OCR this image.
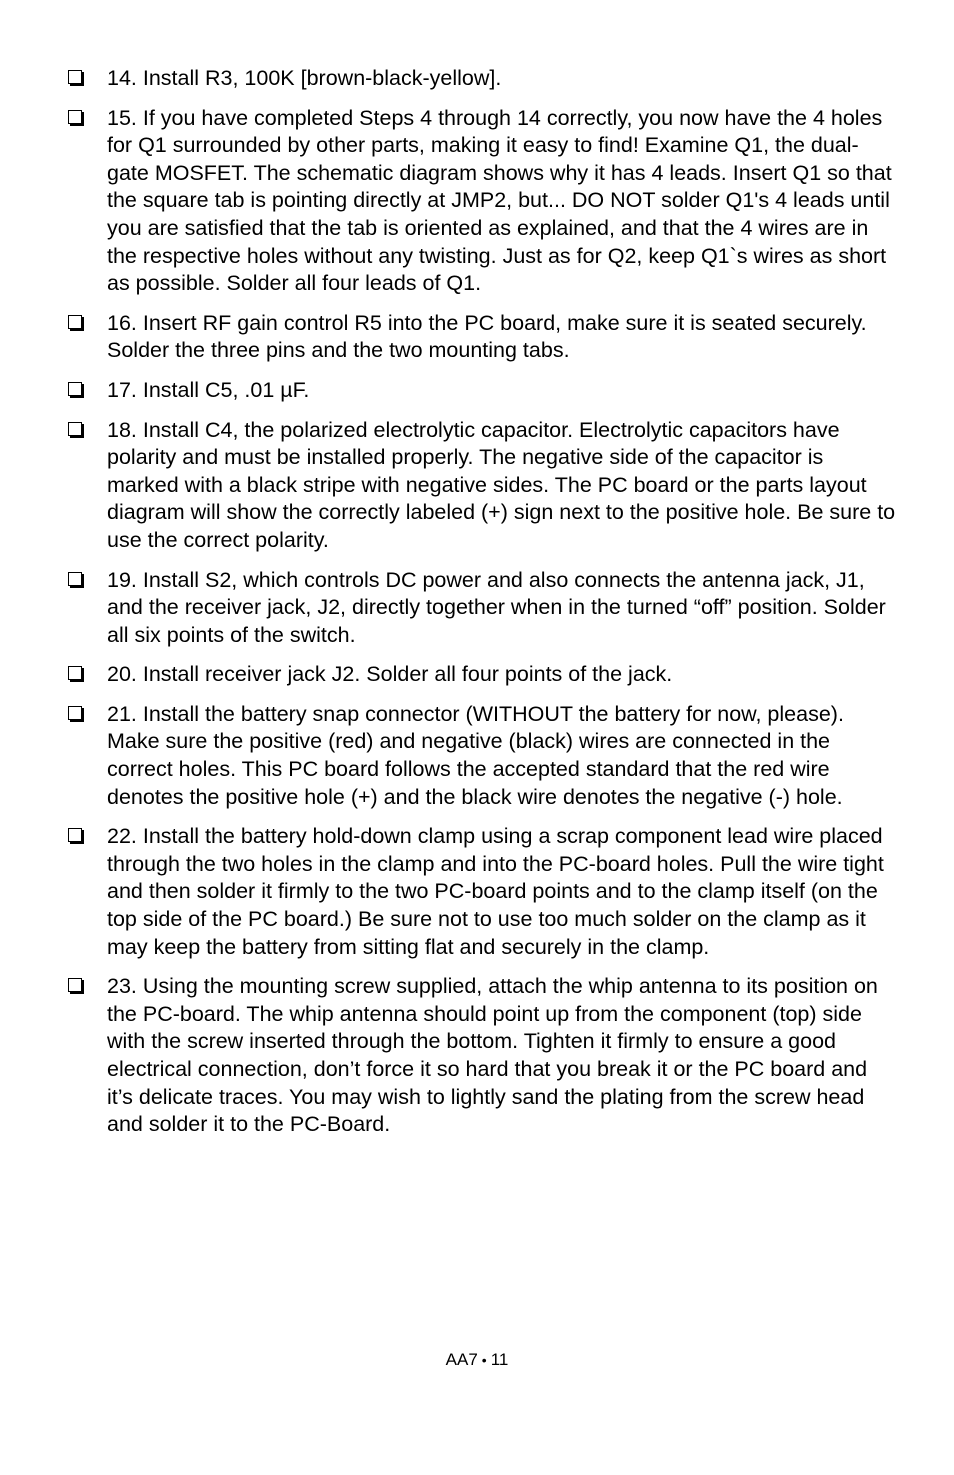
14. Install R3, 100K [brown-black-yellow].
15. If you have completed Steps 4 through 14 correctly, you now have the 4 holes for Q1 surrounded by other parts, making it easy to find! Examine Q1, the dual-gate MOSFET. The schematic diagram shows why it has 4 leads. Insert Q1 so that the square tab is pointing directly at JMP2, but... DO NOT solder Q1's 4 leads until you are satisfied that the tab is oriented as explained, and that the 4 wires are in the respective holes without any twisting. Just as for Q2, keep Q1`s wires as short as possible. Solder all four leads of Q1.
16. Insert RF gain control R5 into the PC board, make sure it is seated securely. Solder the three pins and the two mounting tabs.
17. Install C5, .01 µF.
18. Install C4, the polarized electrolytic capacitor. Electrolytic capacitors have polarity and must be installed properly. The negative side of the capacitor is marked with a black stripe with negative sides. The PC board or the parts layout diagram will show the correctly labeled (+) sign next to the positive hole. Be sure to use the correct polarity.
19. Install S2, which controls DC power and also connects the antenna jack, J1, and the receiver jack, J2, directly together when in the turned “off” position. Solder all six points of the switch.
20. Install receiver jack J2. Solder all four points of the jack.
21. Install the battery snap connector (WITHOUT the battery for now, please). Make sure the positive (red) and negative (black) wires are connected in the correct holes. This PC board follows the accepted standard that the red wire denotes the positive hole (+) and the black wire denotes the negative (-) hole.
22. Install the battery hold-down clamp using a scrap component lead wire placed through the two holes in the clamp and into the PC-board holes. Pull the wire tight and then solder it firmly to the two PC-board points and to the clamp itself (on the top side of the PC board.) Be sure not to use too much solder on the clamp as it may keep the battery from sitting flat and securely in the clamp.
23. Using the mounting screw supplied, attach the whip antenna to its position on the PC-board. The whip antenna should point up from the component (top) side with the screw inserted through the bottom. Tighten it firmly to ensure a good electrical connection, don’t force it so hard that you break it or the PC board and it’s delicate traces. You may wish to lightly sand the plating from the screw head and solder it to the PC-Board.
AA7 • 11
